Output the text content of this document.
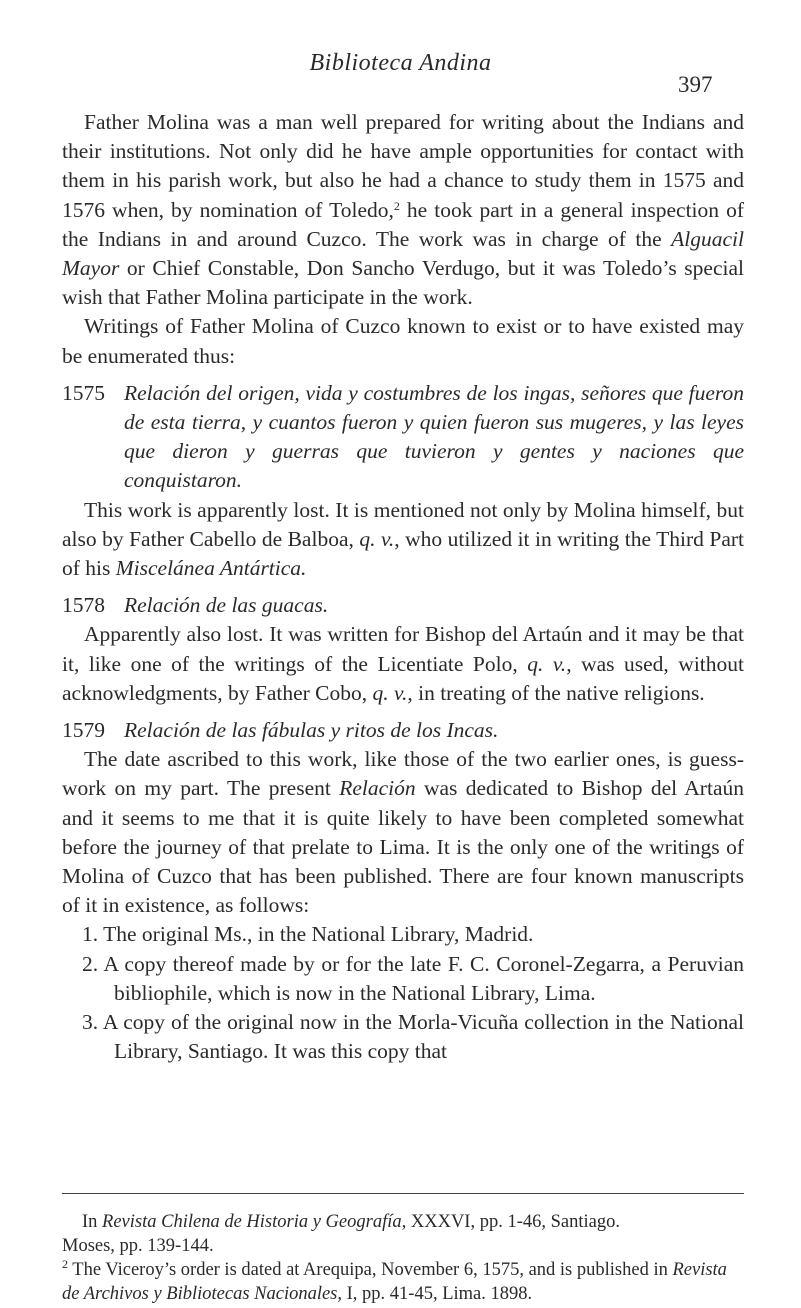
Biblioteca Andina
397

Father Molina was a man well prepared for writing about the Indians and their institutions. Not only did he have ample opportunities for contact with them in his parish work, but also he had a chance to study them in 1575 and 1576 when, by nomination of Toledo,$^2$ he took part in a general inspection of the Indians in and around Cuzco. The work was in charge of the Alguacil Mayor or Chief Constable, Don Sancho Verdugo, but it was Toledo’s special wish that Father Molina participate in the work.

Writings of Father Molina of Cuzco known to exist or to have existed may be enumerated thus:

1575 Relación del origen, vida y costumbres de los ingas, señores que fueron de esta tierra, y cuantos fueron y quien fueron sus mugeres, y las leyes que dieron y guerras que tuvieron y gentes y naciones que conquistaron.

This work is apparently lost. It is mentioned not only by Molina himself, but also by Father Cabello de Balboa, q. v., who utilized it in writing the Third Part of his Miscelánea Antártica.

1578 Relación de las guacas.

Apparently also lost. It was written for Bishop del Artaún and it may be that it, like one of the writings of the Licentiate Polo, q. v., was used, without acknowledgments, by Father Cobo, q. v., in treating of the native religions.

1579 Relación de las fábulas y ritos de los Incas.

The date ascribed to this work, like those of the two earlier ones, is guess-work on my part. The present Relación was dedicated to Bishop del Artaún and it seems to me that it is quite likely to have been completed somewhat before the journey of that prelate to Lima. It is the only one of the writings of Molina of Cuzco that has been published. There are four known manuscripts of it in existence, as follows:

1. The original Ms., in the National Library, Madrid.

2. A copy thereof made by or for the late F. C. Coronel-Zegarra, a Peruvian bibliophile, which is now in the National Library, Lima.

3. A copy of the original now in the Morla-Vicuña collection in the National Library, Santiago. It was this copy that

In Revista Chilena de Historia y Geografía, XXXVI, pp. 1-46, Santiago.

Moses, pp. 139-144.

$^2$ The Viceroy’s order is dated at Arequipa, November 6, 1575, and is published in Revista de Archivos y Bibliotecas Nacionales, I, pp. 41-45, Lima. 1898.
